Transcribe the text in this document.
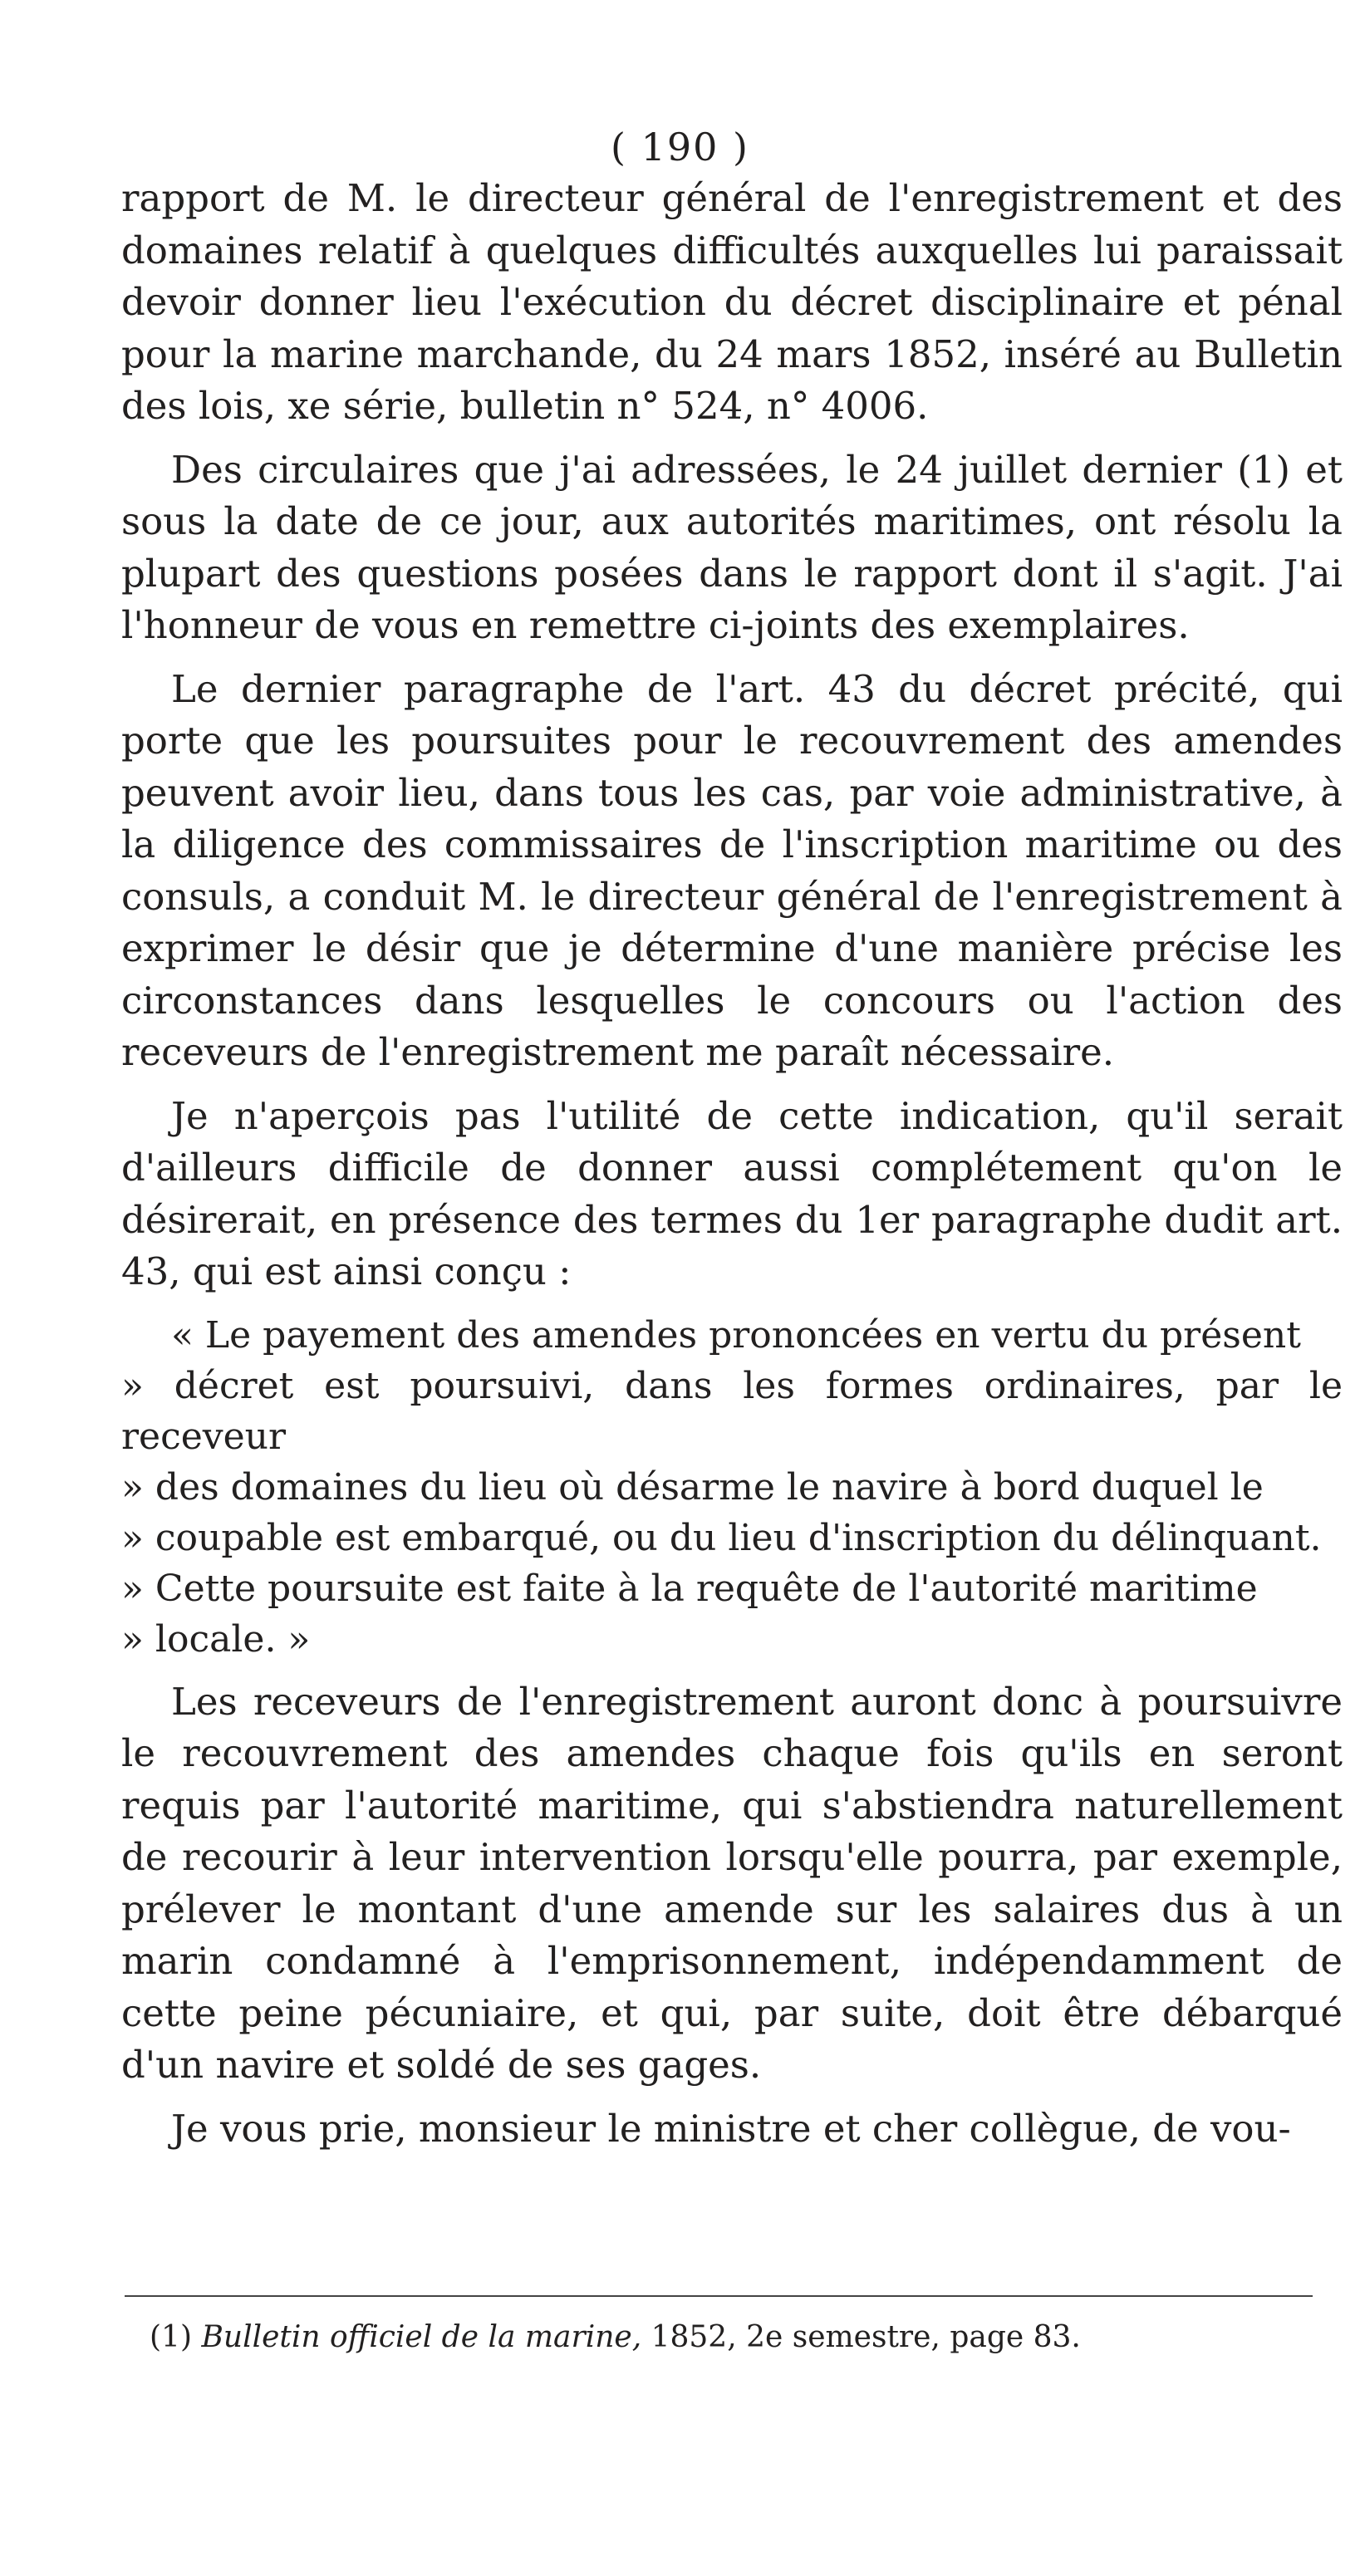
( 190 )

rapport de M. le directeur général de l'enregistrement et des domaines relatif à quelques difficultés auxquelles lui paraissait devoir donner lieu l'exécution du décret disciplinaire et pénal pour la marine marchande, du 24 mars 1852, inséré au Bulletin des lois, xe série, bulletin n° 524, n° 4006.

Des circulaires que j'ai adressées, le 24 juillet dernier (1) et sous la date de ce jour, aux autorités maritimes, ont résolu la plupart des questions posées dans le rapport dont il s'agit. J'ai l'honneur de vous en remettre ci-joints des exemplaires.

Le dernier paragraphe de l'art. 43 du décret précité, qui porte que les poursuites pour le recouvrement des amendes peuvent avoir lieu, dans tous les cas, par voie administrative, à la diligence des commissaires de l'inscription maritime ou des consuls, a conduit M. le directeur général de l'enregistrement à exprimer le désir que je détermine d'une manière précise les circonstances dans lesquelles le concours ou l'action des receveurs de l'enregistrement me paraît nécessaire.

Je n'aperçois pas l'utilité de cette indication, qu'il serait d'ailleurs difficile de donner aussi complétement qu'on le désirerait, en présence des termes du 1er paragraphe dudit art. 43, qui est ainsi conçu :

« Le payement des amendes prononcées en vertu du présent
» décret est poursuivi, dans les formes ordinaires, par le receveur
» des domaines du lieu où désarme le navire à bord duquel le
» coupable est embarqué, ou du lieu d'inscription du délinquant.
» Cette poursuite est faite à la requête de l'autorité maritime
» locale. »

Les receveurs de l'enregistrement auront donc à poursuivre le recouvrement des amendes chaque fois qu'ils en seront requis par l'autorité maritime, qui s'abstiendra naturellement de recourir à leur intervention lorsqu'elle pourra, par exemple, prélever le montant d'une amende sur les salaires dus à un marin condamné à l'emprisonnement, indépendamment de cette peine pécuniaire, et qui, par suite, doit être débarqué d'un navire et soldé de ses gages.

Je vous prie, monsieur le ministre et cher collègue, de vou-

(1) Bulletin officiel de la marine, 1852, 2e semestre, page 83.
